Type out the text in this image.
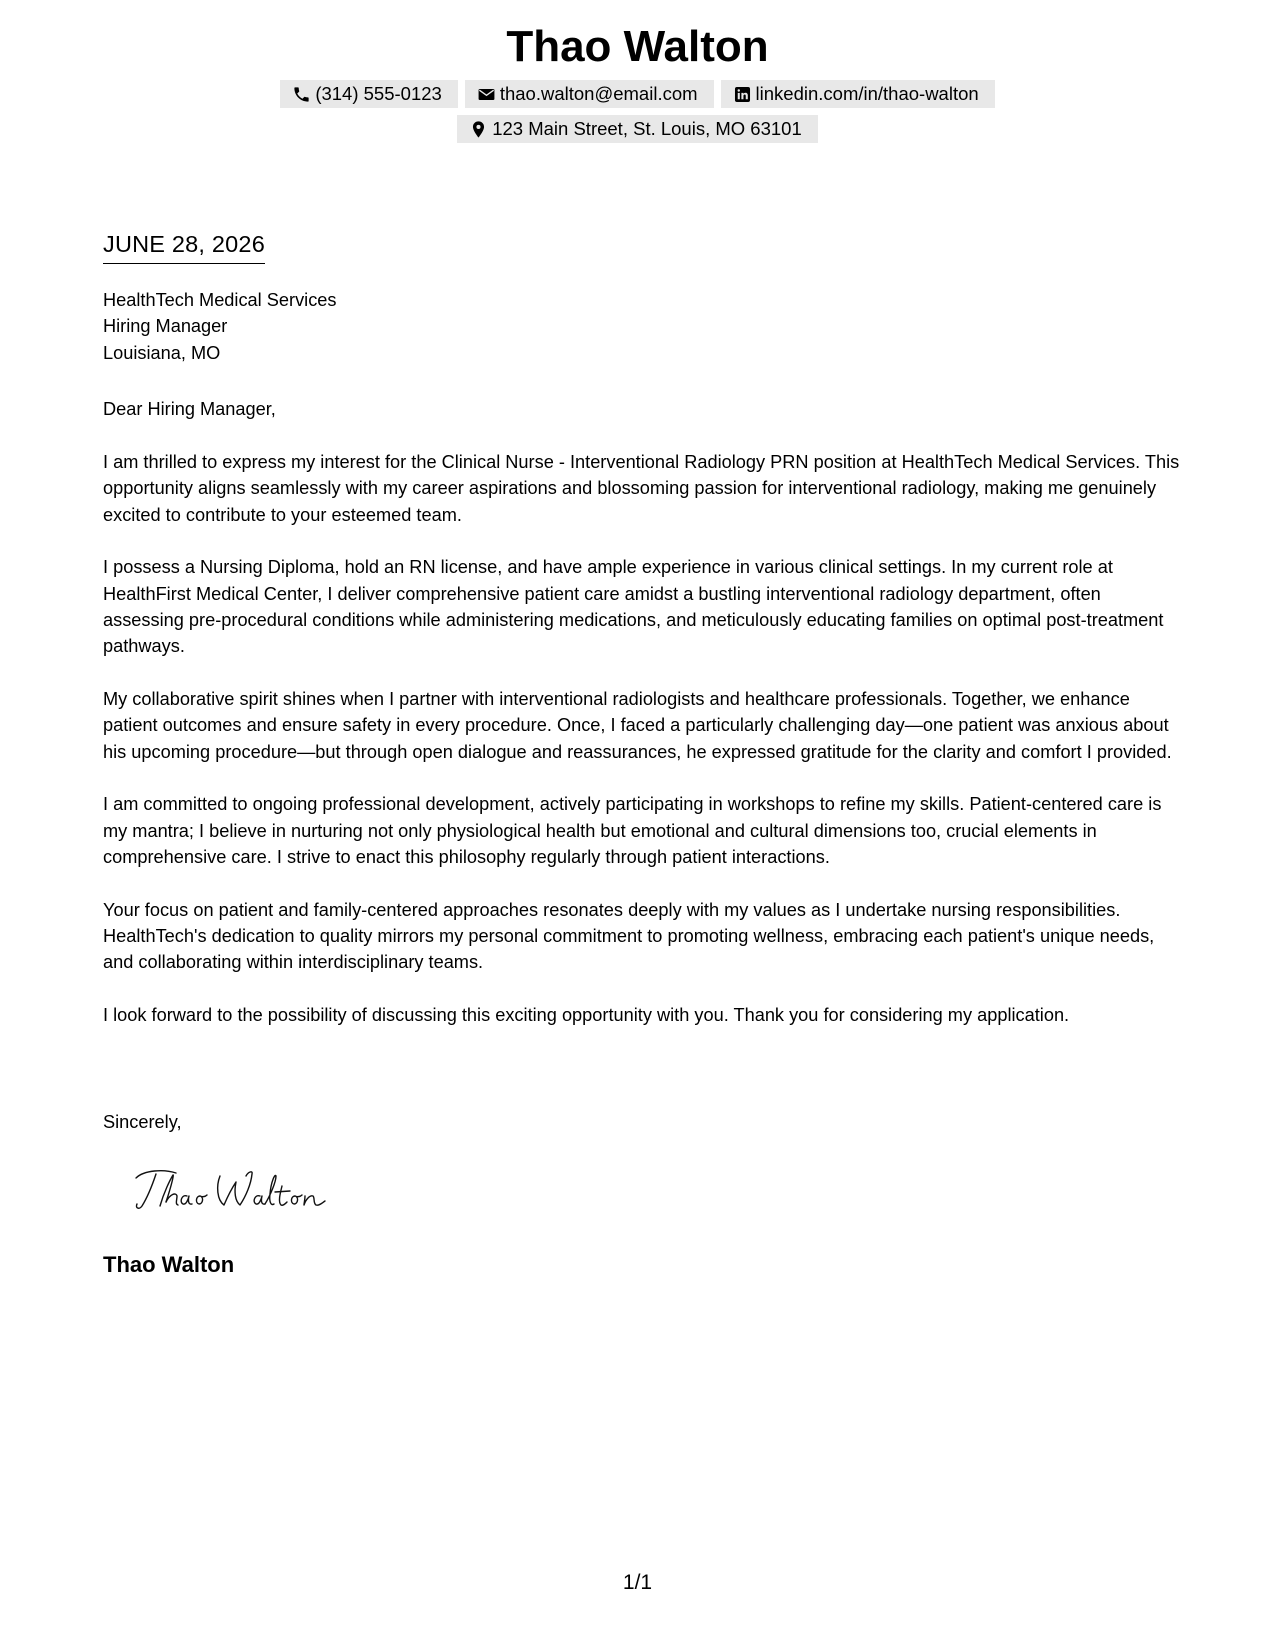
Thao Walton
(314) 555-0123	thao.walton@email.com	linkedin.com/in/thao-walton
123 Main Street, St. Louis, MO 63101
JUNE 28, 2026
HealthTech Medical Services
Hiring Manager
Louisiana, MO
Dear Hiring Manager,

I am thrilled to express my interest for the Clinical Nurse - Interventional Radiology PRN position at HealthTech Medical Services. This opportunity aligns seamlessly with my career aspirations and blossoming passion for interventional radiology, making me genuinely excited to contribute to your esteemed team.

I possess a Nursing Diploma, hold an RN license, and have ample experience in various clinical settings. In my current role at HealthFirst Medical Center, I deliver comprehensive patient care amidst a bustling interventional radiology department, often assessing pre-procedural conditions while administering medications, and meticulously educating families on optimal post-treatment pathways.

My collaborative spirit shines when I partner with interventional radiologists and healthcare professionals. Together, we enhance patient outcomes and ensure safety in every procedure. Once, I faced a particularly challenging day—one patient was anxious about his upcoming procedure—but through open dialogue and reassurances, he expressed gratitude for the clarity and comfort I provided.

I am committed to ongoing professional development, actively participating in workshops to refine my skills. Patient-centered care is my mantra; I believe in nurturing not only physiological health but emotional and cultural dimensions too, crucial elements in comprehensive care. I strive to enact this philosophy regularly through patient interactions.

Your focus on patient and family-centered approaches resonates deeply with my values as I undertake nursing responsibilities. HealthTech's dedication to quality mirrors my personal commitment to promoting wellness, embracing each patient's unique needs, and collaborating within interdisciplinary teams.

I look forward to the possibility of discussing this exciting opportunity with you. Thank you for considering my application.

Sincerely,
Thao Walton
1/1
